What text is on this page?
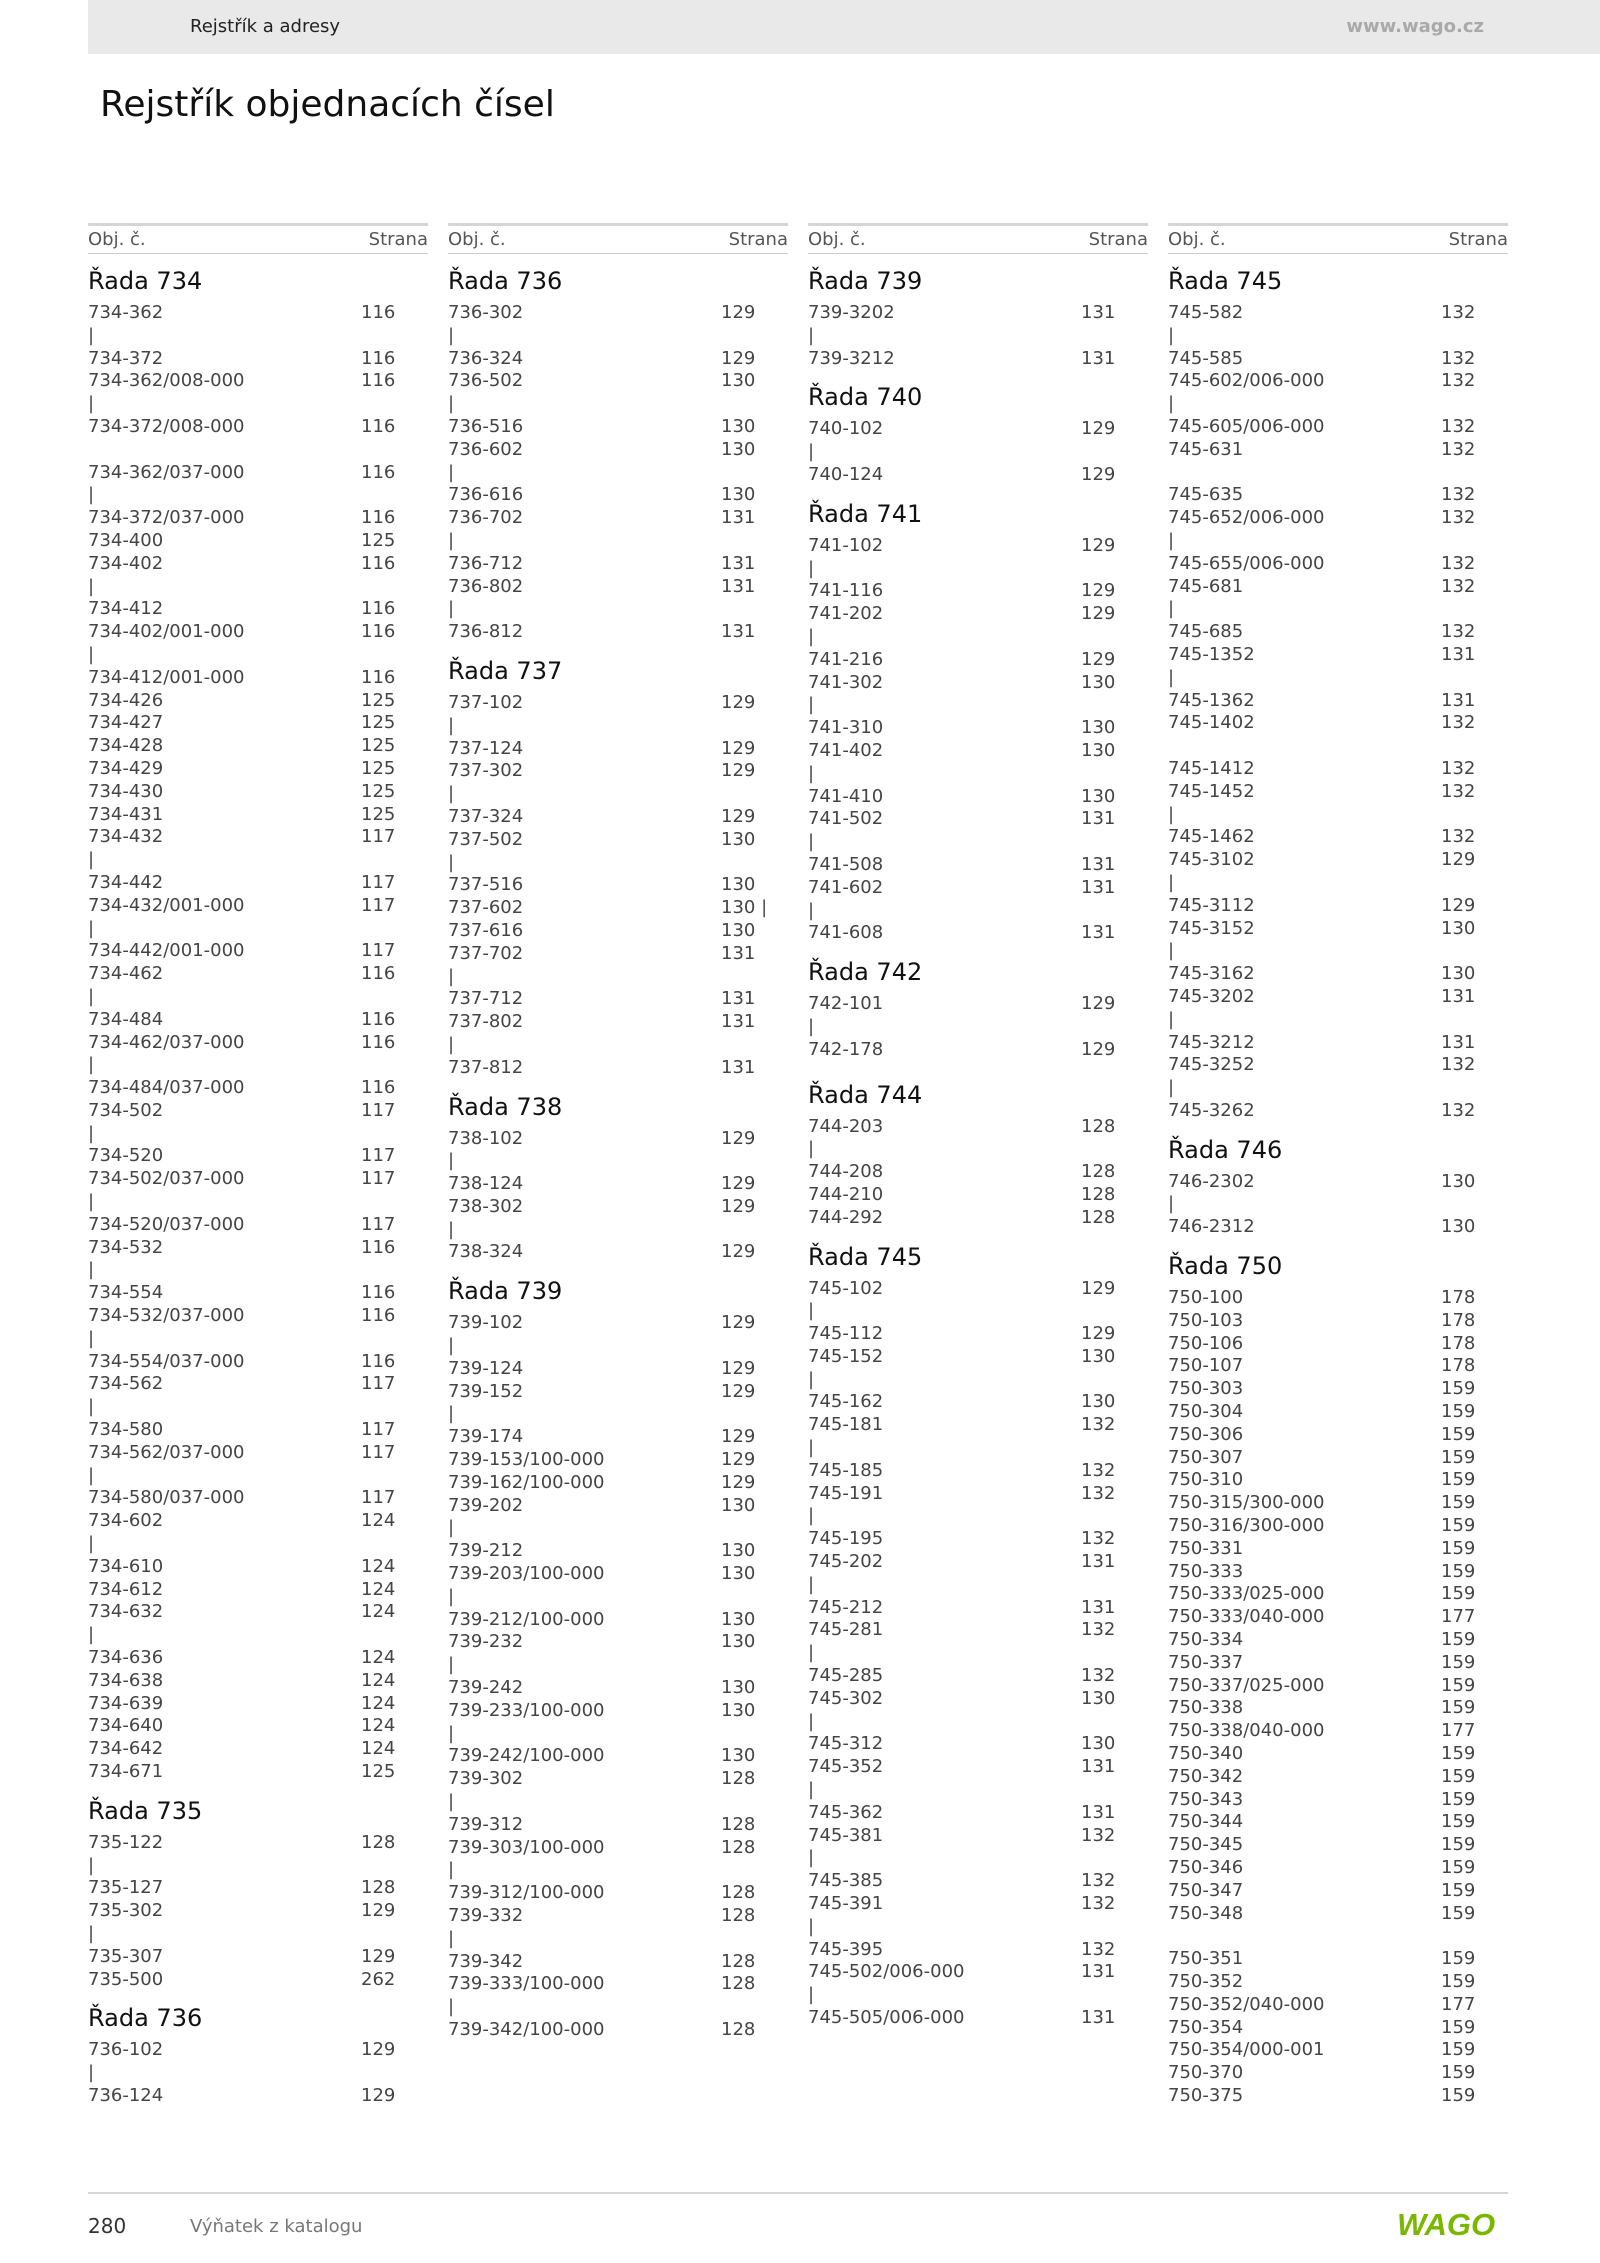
Rejstřík a adresy	www.wago.cz
Rejstřík objednacích čísel
Obj. č.	Strana
Řada 734
734-362	116
|
734-372	116
734-362/008-000	116
|
734-372/008-000	116
734-362/037-000	116
|
734-372/037-000	116
734-400	125
734-402	116
|
734-412	116
734-402/001-000	116
|
734-412/001-000	116
734-426	125
734-427	125
734-428	125
734-429	125
734-430	125
734-431	125
734-432	117
|
734-442	117
734-432/001-000	117
|
734-442/001-000	117
734-462	116
|
734-484	116
734-462/037-000	116
|
734-484/037-000	116
734-502	117
|
734-520	117
734-502/037-000	117
|
734-520/037-000	117
734-532	116
|
734-554	116
734-532/037-000	116
|
734-554/037-000	116
734-562	117
|
734-580	117
734-562/037-000	117
|
734-580/037-000	117
734-602	124
|
734-610	124
734-612	124
734-632	124
|
734-636	124
734-638	124
734-639	124
734-640	124
734-642	124
734-671	125
Řada 735
735-122	128
|
735-127	128
735-302	129
|
735-307	129
735-500	262
Řada 736
736-102	129
|
736-124	129
Obj. č.	Strana
Řada 736
736-302	129
|
736-324	129
736-502	130
|
736-516	130
736-602	130
|
736-616	130
736-702	131
|
736-712	131
736-802	131
|
736-812	131
Řada 737
737-102	129
|
737-124	129
737-302	129
|
737-324	129
737-502	130
|
737-516	130
737-602	130 |
737-616	130
737-702	131
|
737-712	131
737-802	131
|
737-812	131
Řada 738
738-102	129
|
738-124	129
738-302	129
|
738-324	129
Řada 739
739-102	129
|
739-124	129
739-152	129
|
739-174	129
739-153/100-000	129
739-162/100-000	129
739-202	130
|
739-212	130
739-203/100-000	130
|
739-212/100-000	130
739-232	130
|
739-242	130
739-233/100-000	130
|
739-242/100-000	130
739-302	128
|
739-312	128
739-303/100-000	128
|
739-312/100-000	128
739-332	128
|
739-342	128
739-333/100-000	128
|
739-342/100-000	128
Obj. č.	Strana
Řada 739
739-3202	131
|
739-3212	131
Řada 740
740-102	129
|
740-124	129
Řada 741
741-102	129
|
741-116	129
741-202	129
|
741-216	129
741-302	130
|
741-310	130
741-402	130
|
741-410	130
741-502	131
|
741-508	131
741-602	131
|
741-608	131
Řada 742
742-101	129
|
742-178	129
Řada 744
744-203	128
|
744-208	128
744-210	128
744-292	128
Řada 745
745-102	129
|
745-112	129
745-152	130
|
745-162	130
745-181	132
|
745-185	132
745-191	132
|
745-195	132
745-202	131
|
745-212	131
745-281	132
|
745-285	132
745-302	130
|
745-312	130
745-352	131
|
745-362	131
745-381	132
|
745-385	132
745-391	132
|
745-395	132
745-502/006-000	131
|
745-505/006-000	131
Obj. č.	Strana
Řada 745
745-582	132
|
745-585	132
745-602/006-000	132
|
745-605/006-000	132
745-631	132
745-635	132
745-652/006-000	132
|
745-655/006-000	132
745-681	132
|
745-685	132
745-1352	131
|
745-1362	131
745-1402	132
745-1412	132
745-1452	132
|
745-1462	132
745-3102	129
|
745-3112	129
745-3152	130
|
745-3162	130
745-3202	131
|
745-3212	131
745-3252	132
|
745-3262	132
Řada 746
746-2302	130
|
746-2312	130
Řada 750
750-100	178
750-103	178
750-106	178
750-107	178
750-303	159
750-304	159
750-306	159
750-307	159
750-310	159
750-315/300-000	159
750-316/300-000	159
750-331	159
750-333	159
750-333/025-000	159
750-333/040-000	177
750-334	159
750-337	159
750-337/025-000	159
750-338	159
750-338/040-000	177
750-340	159
750-342	159
750-343	159
750-344	159
750-345	159
750-346	159
750-347	159
750-348	159
750-351	159
750-352	159
750-352/040-000	177
750-354	159
750-354/000-001	159
750-370	159
750-375	159
280	Výňatek z katalogu	WAGO
